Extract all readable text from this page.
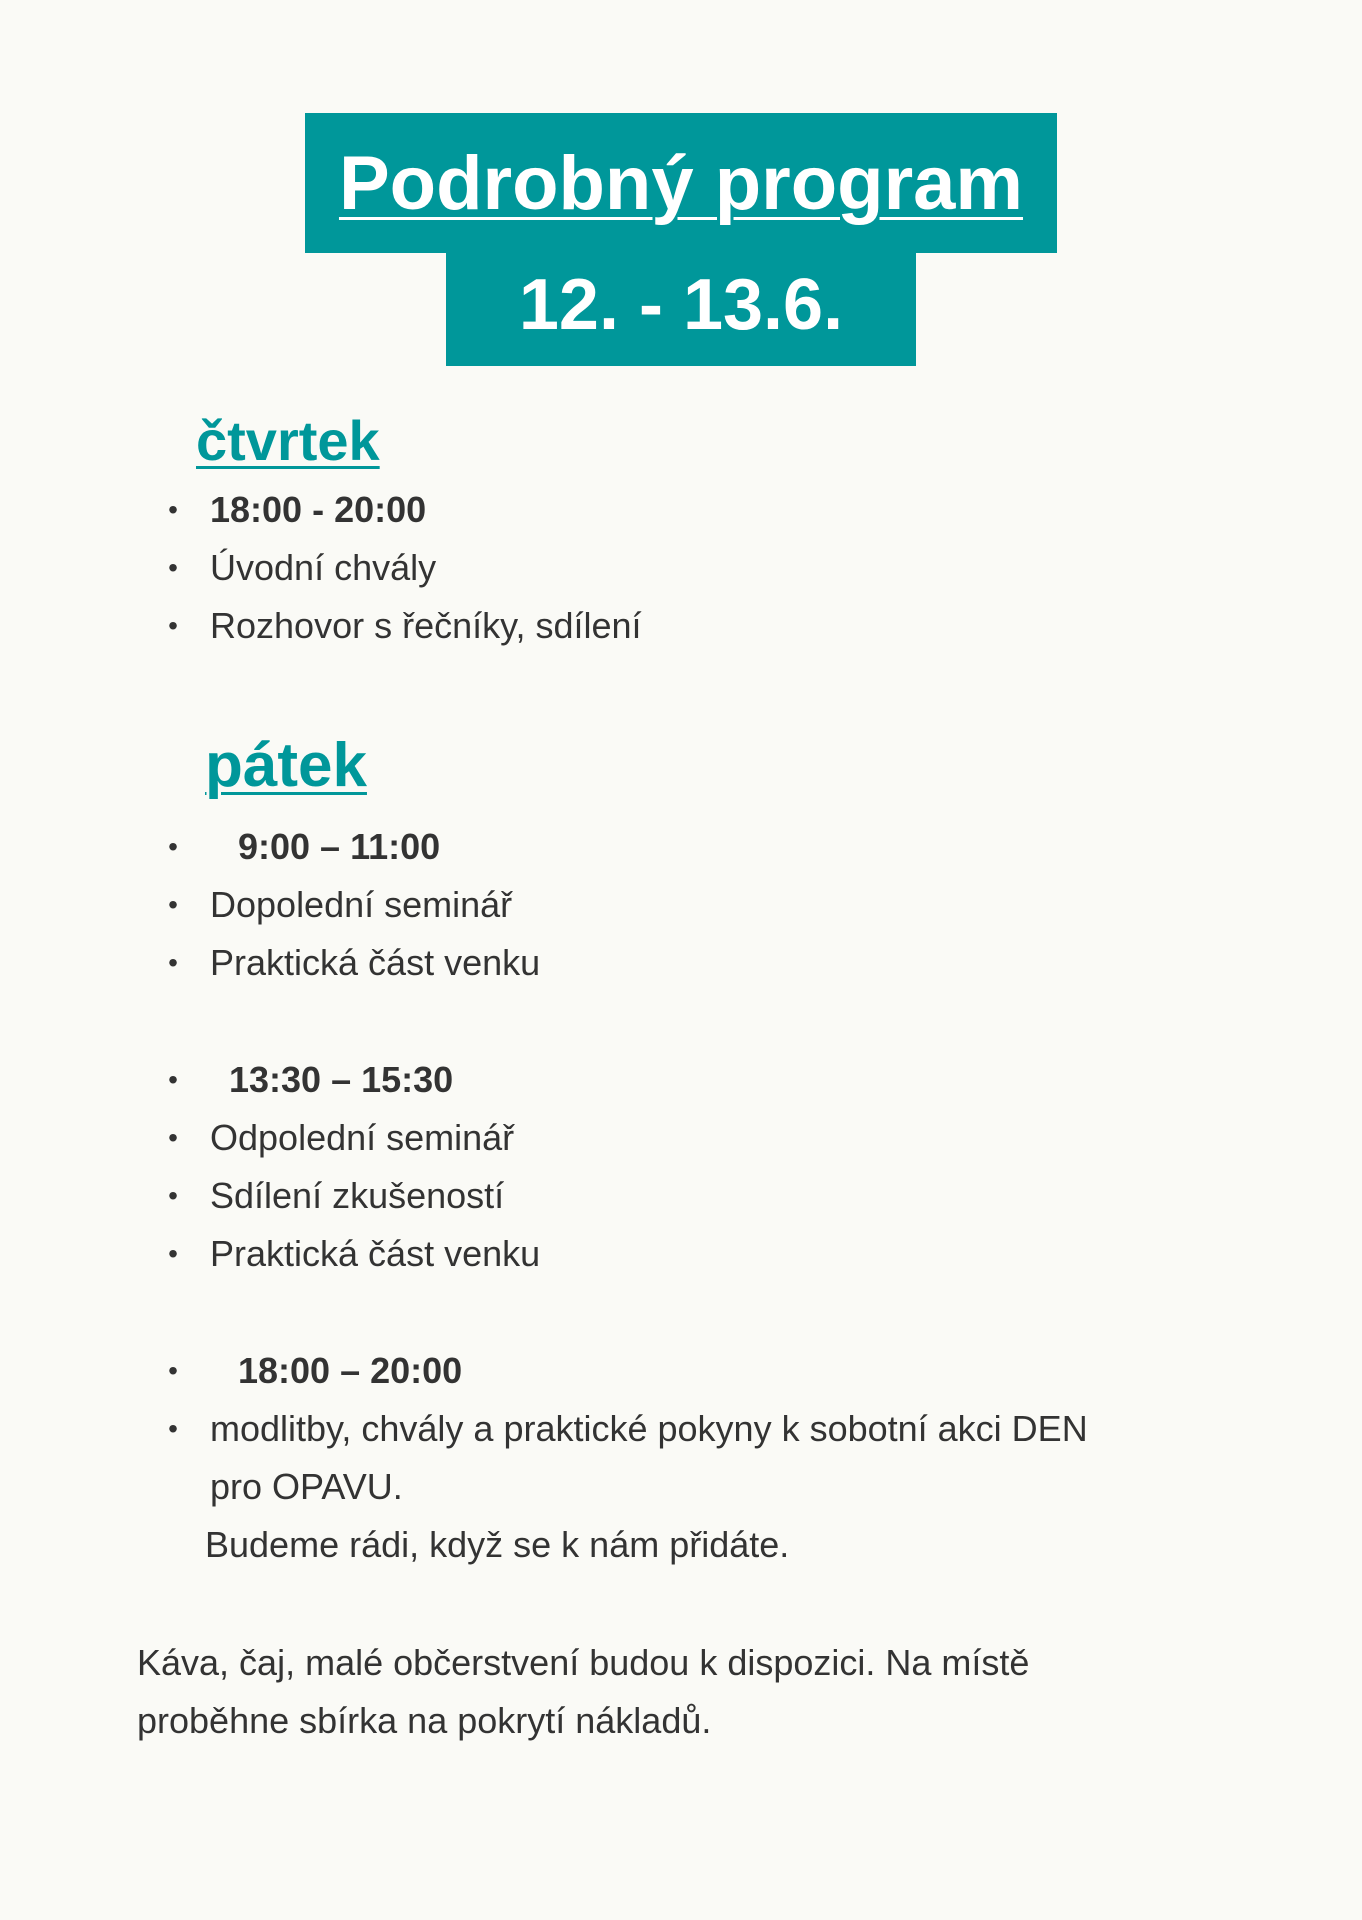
Podrobný program
12. - 13.6.
čtvrtek
• 18:00 - 20:00
• Úvodní chvály
• Rozhovor s řečníky, sdílení
pátek
• 9:00 – 11:00
• Dopolední seminář
• Praktická část venku
• 13:30 – 15:30
• Odpolední seminář
• Sdílení zkušeností
• Praktická část venku
• 18:00 – 20:00
• modlitby, chvály a praktické pokyny k sobotní akci DEN
pro OPAVU.
Budeme rádi, když se k nám přidáte.
Káva, čaj, malé občerstvení budou k dispozici. Na místě
proběhne sbírka na pokrytí nákladů.
